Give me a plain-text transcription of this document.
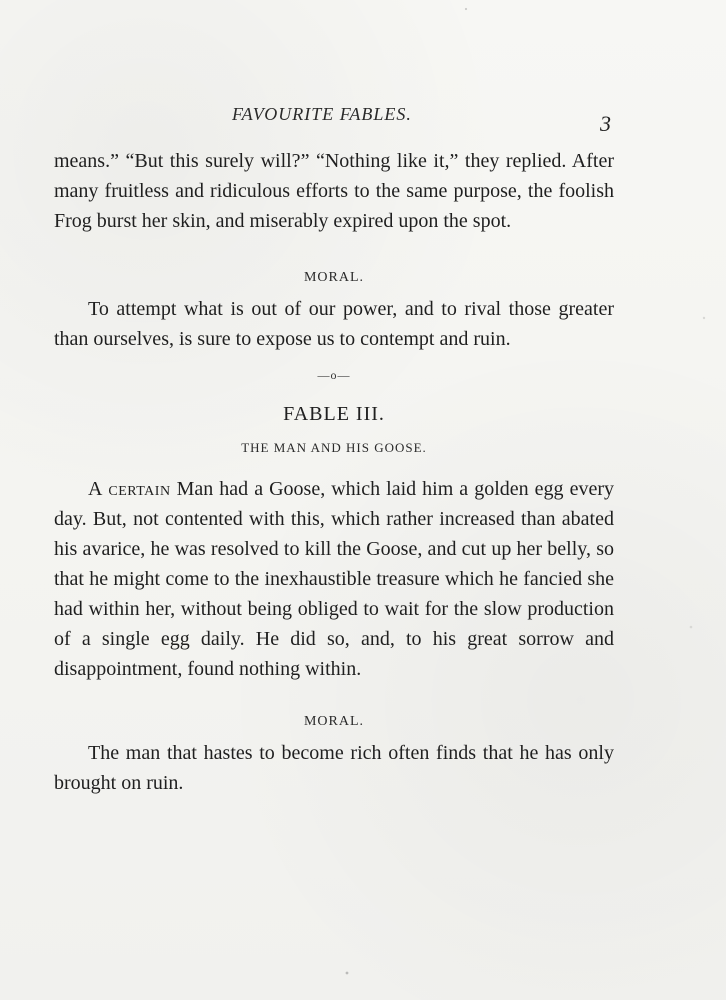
FAVOURITE FABLES.	3

means.” “But this surely will?” “Nothing like it,” they replied. After many fruitless and ridiculous efforts to the same purpose, the foolish Frog burst her skin, and miserably expired upon the spot.

MORAL.

To attempt what is out of our power, and to rival those greater than ourselves, is sure to expose us to contempt and ruin.

—o—
FABLE III.
THE MAN AND HIS GOOSE.

A certain Man had a Goose, which laid him a golden egg every day. But, not contented with this, which rather increased than abated his avarice, he was resolved to kill the Goose, and cut up her belly, so that he might come to the inexhaustible treasure which he fancied she had within her, without being obliged to wait for the slow production of a single egg daily. He did so, and, to his great sorrow and disappointment, found nothing within.

MORAL.

The man that hastes to become rich often finds that he has only brought on ruin.
